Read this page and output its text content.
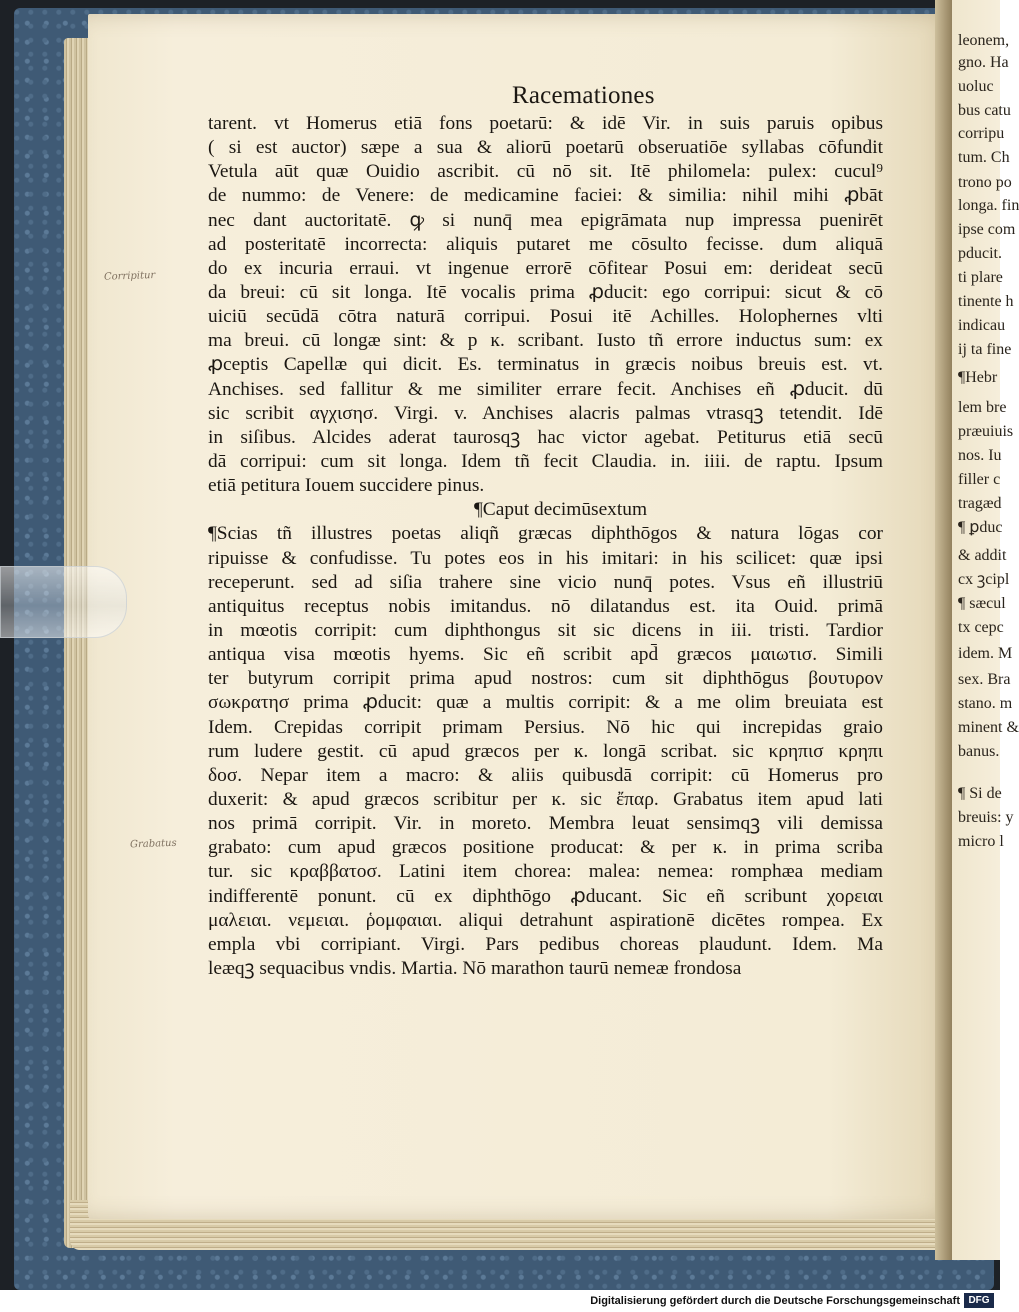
leonem,
gno. Ha
uoluc
bus catu
corripu
tum. Ch
trono po
longa. fin
ipse com
pducit.
ti plare
tinente h
indicau
ij ta fine
¶Hebr
lem bre
præuiuis
nos. Iu
filler c
tragæd
¶ ꝑduc
& addit
cx ꝫcipl
¶ sæcul
tx cepc
idem. M
sex. Bra
stano. m
minent &
banus.
¶ Si de
breuis: y
micro l
Racemationes
tarent. vt Homerus etiā fons poetarū: & idē Vir. in suis paruis opibus
( si est auctor) sæpe a sua & aliorū poetarū obseruatiōe syllabas cōfundit
Vetula aūt quæ Ouidio ascribit. cū nō sit. Itē philomela: pulex: cucul⁹
de nummo: de Venere: de medicamine faciei: & similia: nihil mihi ꝓbāt
nec dant auctoritatē. ꝙ si nunq̄ mea epigrāmata nup impressa puenirēt
ad posteritatē incorrecta: aliquis putaret me cōsulto fecisse. dum aliquā
do ex incuria erraui. vt ingenue errorē cōfitear Posui em: derideat secū
da breui: cū sit longa. Itē vocalis prima ꝓducit: ego corripui: sicut & cō
uiciū secūdā cōtra naturā corripui. Posui itē Achilles. Holophernes vlti
ma breui. cū longæ sint: & p ĸ. scribant. Iusto tñ errore inductus sum: ex
ꝓceptis Capellæ qui dicit. Es. terminatus in græcis noibus breuis est. vt.
Anchises. sed fallitur & me similiter errare fecit. Anchises eñ ꝓducit. dū
sic scribit αγχισησ. Virgi. v. Anchises alacris palmas vtrasqꝫ tetendit. Idē
in siſibus. Alcides aderat taurosqꝫ hac victor agebat. Petiturus etiā secū
dā corripui: cum sit longa. Idem tñ fecit Claudia. in. iiii. de raptu. Ipsum
etiā petitura Iouem succidere pinus.
¶Caput decimūsextum
¶Scias tñ illustres poetas aliqñ græcas diphthōgos & natura lōgas cor
ripuisse & confudisse. Tu potes eos in his imitari: in his scilicet: quæ ipsi
receperunt. sed ad siſia trahere sine vicio nunq̄ potes. Vsus eñ illustriū
antiquitus receptus nobis imitandus. nō dilatandus est. ita Ouid. primā
in mœotis corripit: cum diphthongus sit sic dicens in iii. tristi. Tardior
antiqua visa mœotis hyems. Sic eñ scribit apd̄ græcos μαιωτισ. Simili
ter butyrum corripit prima apud nostros: cum sit diphthōgus βουτυρον
σωκρατησ prima ꝓducit: quæ a multis corripit: & a me olim breuiata est
Idem. Crepidas corripit primam Persius. Nō hic qui increpidas graio
rum ludere gestit. cū apud græcos per ĸ. longā scribat. sic κρηπισ κρηπι
δοσ. Nepar item a macro: & aliis quibusdā corripit: cū Homerus pro
duxerit: & apud græcos scribitur per ĸ. sic ἔπαρ. Grabatus item apud lati
nos primā corripit. Vir. in moreto. Membra leuat sensimqꝫ vili demissa
grabato: cum apud græcos positione producat: & per ĸ. in prima scriba
tur. sic κραββατοσ. Latini item chorea: malea: nemea: romphæa mediam
indifferentē ponunt. cū ex diphthōgo ꝓducant. Sic eñ scribunt χορειαι
μαλειαι. νεμειαι. ῥομφαιαι. aliqui detrahunt aspirationē dicētes rompea. Ex
empla vbi corripiant. Virgi. Pars pedibus choreas plaudunt. Idem. Ma
leæqꝫ sequacibus vndis. Martia. Nō marathon taurū nemeæ frondosa
Corripitur
Grabatus
Digitalisierung gefördert durch die Deutsche Forschungsgemeinschaft DFG
